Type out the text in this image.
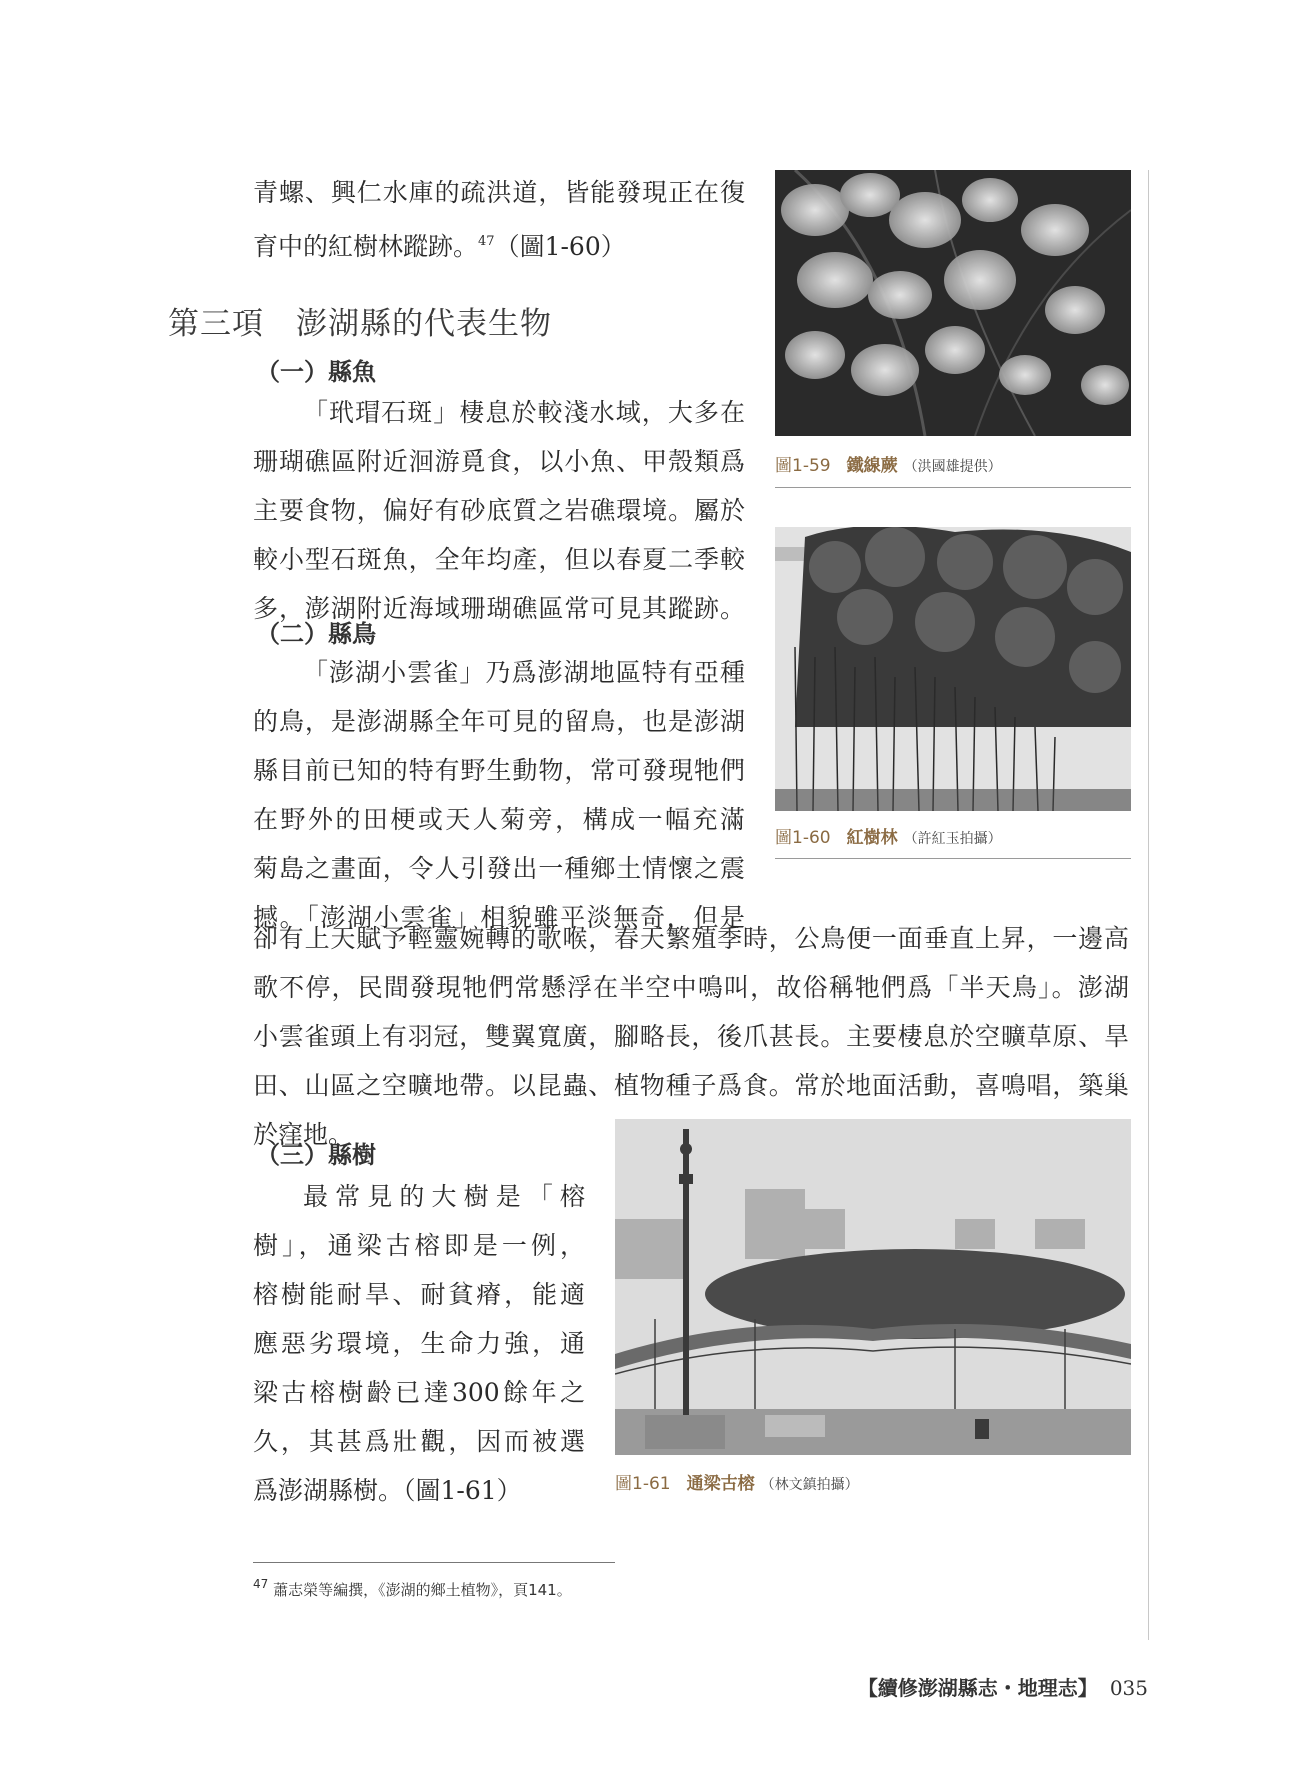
青螺、興仁水庫的疏洪道，皆能發現正在復

育中的紅樹林蹤跡。$^{47}$（圖1-60）

第三項　澎湖縣的代表生物
（一）縣魚

「玳瑁石斑」棲息於較淺水域，大多在

珊瑚礁區附近洄游覓食，以小魚、甲殼類爲

主要食物，偏好有砂底質之岩礁環境。屬於

較小型石斑魚，全年均產，但以春夏二季較

多，澎湖附近海域珊瑚礁區常可見其蹤跡。

（二）縣鳥

「澎湖小雲雀」乃爲澎湖地區特有亞種

的鳥，是澎湖縣全年可見的留鳥，也是澎湖

縣目前已知的特有野生動物，常可發現牠們

在野外的田梗或天人菊旁，構成一幅充滿

菊島之畫面，令人引發出一種鄉土情懷之震

撼。「澎湖小雲雀」相貌雖平淡無奇，但是

卻有上天賦予輕靈婉轉的歌喉，春天繁殖季時，公鳥便一面垂直上昇，一邊高

歌不停，民間發現牠們常懸浮在半空中鳴叫，故俗稱牠們爲「半天鳥」。澎湖

小雲雀頭上有羽冠，雙翼寬廣，腳略長，後爪甚長。主要棲息於空曠草原、旱

田、山區之空曠地帶。以昆蟲、植物種子爲食。常於地面活動，喜鳴唱，築巢

於窪地。

（三）縣樹

最常見的大樹是「榕

樹」，通梁古榕即是一例，

榕樹能耐旱、耐貧瘠，能適

應惡劣環境，生命力強，通

梁古榕樹齡已達300餘年之

久，其甚爲壯觀，因而被選

爲澎湖縣樹。（圖1-61）

圖1-59 鐵線蕨 （洪國雄提供）
圖1-60 紅樹林 （許紅玉拍攝）
圖1-61 通梁古榕 （林文鎮拍攝）
$^{47}$ 蕭志榮等編撰，《澎湖的鄉土植物》，頁141。
【續修澎湖縣志・地理志】 035
